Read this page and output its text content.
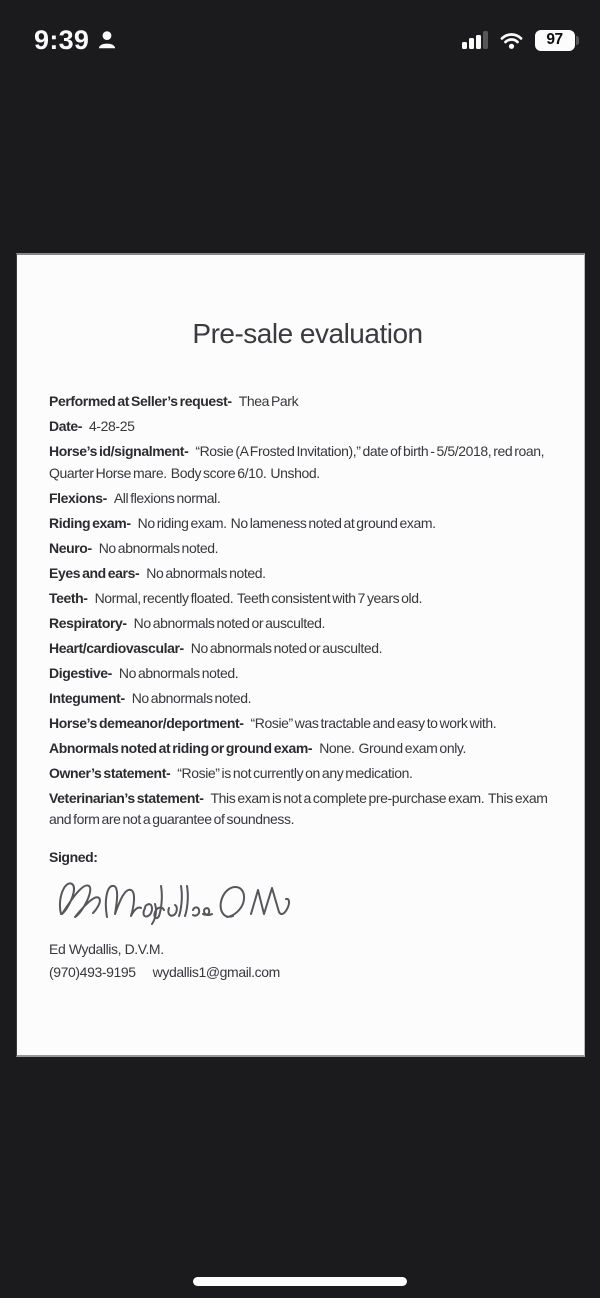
9:39	97
Pre-sale evaluation

Performed at Seller’s request- Thea Park

Date- 4-28-25

Horse’s id/signalment- “Rosie (A Frosted Invitation),” date of birth - 5/5/2018, red roan, Quarter Horse mare.  Body score 6/10.  Unshod.

Flexions- All flexions normal.

Riding exam- No riding exam.  No lameness noted at ground exam.

Neuro- No abnormals noted.

Eyes and ears- No abnormals noted.

Teeth- Normal, recently floated.  Teeth consistent with 7 years old.

Respiratory- No abnormals noted or ausculted.

Heart/cardiovascular- No abnormals noted or ausculted.

Digestive- No abnormals noted.

Integument- No abnormals noted.

Horse’s demeanor/deportment- “Rosie” was tractable and easy to work with.

Abnormals noted at riding or ground exam- None.  Ground exam only.

Owner’s statement- “Rosie” is not currently on any medication.

Veterinarian’s statement- This exam is not a complete pre-purchase exam.  This exam and form are not a guarantee of soundness.

Signed:

Ed Wydallis, D.V.M.

(970)493-9195 wydallis1@gmail.com
